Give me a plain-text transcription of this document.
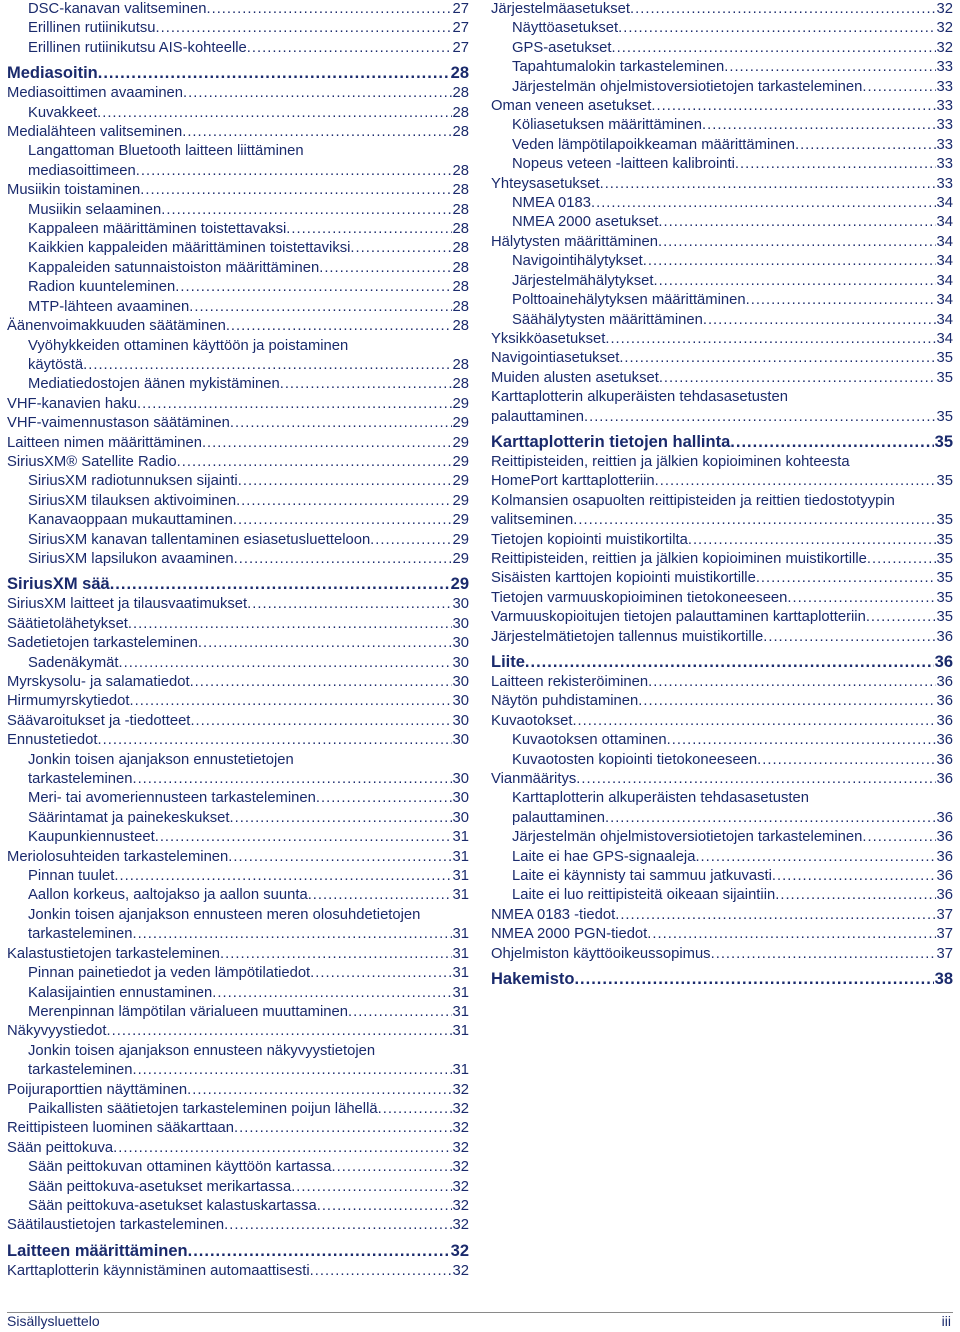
DSC-kanavan valitseminen .....	27
Erillinen rutiinikutsu .....	27
Erillinen rutiinikutsu AIS-kohteelle .....	27
Mediasoitin .....	28
Mediasoittimen avaaminen .....	28
Kuvakkeet .....	28
Medialähteen valitseminen .....	28
Langattoman Bluetooth laitteen liittäminen
mediasoittimeen .....	28
Musiikin toistaminen .....	28
Musiikin selaaminen .....	28
Kappaleen määrittäminen toistettavaksi .....	28
Kaikkien kappaleiden määrittäminen toistettaviksi .....	28
Kappaleiden satunnaistoiston määrittäminen .....	28
Radion kuunteleminen .....	28
MTP-lähteen avaaminen .....	28
Äänenvoimakkuuden säätäminen .....	28
Vyöhykkeiden ottaminen käyttöön ja poistaminen
käytöstä .....	28
Mediatiedostojen äänen mykistäminen .....	28
VHF-kanavien haku .....	29
VHF-vaimennustason säätäminen .....	29
Laitteen nimen määrittäminen .....	29
SiriusXM® Satellite Radio .....	29
SiriusXM radiotunnuksen sijainti .....	29
SiriusXM tilauksen aktivoiminen .....	29
Kanavaoppaan mukauttaminen .....	29
SiriusXM kanavan tallentaminen esiasetusluetteloon .....	29
SiriusXM lapsilukon avaaminen .....	29
SiriusXM sää .....	29
SiriusXM laitteet ja tilausvaatimukset .....	30
Säätietolähetykset .....	30
Sadetietojen tarkasteleminen .....	30
Sadenäkymät .....	30
Myrskysolu- ja salamatiedot .....	30
Hirmumyrskytiedot .....	30
Säävaroitukset ja -tiedotteet .....	30
Ennustetiedot .....	30
Jonkin toisen ajanjakson ennustetietojen
tarkasteleminen .....	30
Meri- tai avomeriennusteen tarkasteleminen .....	30
Säärintamat ja painekeskukset .....	30
Kaupunkiennusteet .....	31
Meriolosuhteiden tarkasteleminen .....	31
Pinnan tuulet .....	31
Aallon korkeus, aaltojakso ja aallon suunta .....	31
Jonkin toisen ajanjakson ennusteen meren olosuhdetietojen
tarkasteleminen .....	31
Kalastustietojen tarkasteleminen .....	31
Pinnan painetiedot ja veden lämpötilatiedot .....	31
Kalasijaintien ennustaminen .....	31
Merenpinnan lämpötilan värialueen muuttaminen .....	31
Näkyvyystiedot .....	31
Jonkin toisen ajanjakson ennusteen näkyvyystietojen
tarkasteleminen .....	31
Poijuraporttien näyttäminen .....	32
Paikallisten säätietojen tarkasteleminen poijun lähellä .....	32
Reittipisteen luominen sääkarttaan .....	32
Sään peittokuva .....	32
Sään peittokuvan ottaminen käyttöön kartassa .....	32
Sään peittokuva-asetukset merikartassa .....	32
Sään peittokuva-asetukset kalastuskartassa .....	32
Säätilaustietojen tarkasteleminen .....	32
Laitteen määrittäminen .....	32
Karttaplotterin käynnistäminen automaattisesti .....	32
Järjestelmäasetukset .....	32
Näyttöasetukset .....	32
GPS-asetukset .....	32
Tapahtumalokin tarkasteleminen .....	33
Järjestelmän ohjelmistoversiotietojen tarkasteleminen .....	33
Oman veneen asetukset .....	33
Köliasetuksen määrittäminen .....	33
Veden lämpötilapoikkeaman määrittäminen .....	33
Nopeus veteen -laitteen kalibrointi .....	33
Yhteysasetukset .....	33
NMEA 0183 .....	34
NMEA 2000 asetukset .....	34
Hälytysten määrittäminen .....	34
Navigointihälytykset .....	34
Järjestelmähälytykset .....	34
Polttoainehälytyksen määrittäminen .....	34
Säähälytysten määrittäminen .....	34
Yksikköasetukset .....	34
Navigointiasetukset .....	35
Muiden alusten asetukset .....	35
Karttaplotterin alkuperäisten tehdasasetusten
palauttaminen .....	35
Karttaplotterin tietojen hallinta .....	35
Reittipisteiden, reittien ja jälkien kopioiminen kohteesta
HomePort karttaplotteriin .....	35
Kolmansien osapuolten reittipisteiden ja reittien tiedostotyypin
valitseminen .....	35
Tietojen kopiointi muistikortilta .....	35
Reittipisteiden, reittien ja jälkien kopioiminen muistikortille .....	35
Sisäisten karttojen kopiointi muistikortille .....	35
Tietojen varmuuskopioiminen tietokoneeseen .....	35
Varmuuskopioitujen tietojen palauttaminen karttaplotteriin .....	35
Järjestelmätietojen tallennus muistikortille .....	36
Liite .....	36
Laitteen rekisteröiminen .....	36
Näytön puhdistaminen .....	36
Kuvaotokset .....	36
Kuvaotoksen ottaminen .....	36
Kuvaotosten kopiointi tietokoneeseen .....	36
Vianmääritys .....	36
Karttaplotterin alkuperäisten tehdasasetusten
palauttaminen .....	36
Järjestelmän ohjelmistoversiotietojen tarkasteleminen .....	36
Laite ei hae GPS-signaaleja .....	36
Laite ei käynnisty tai sammuu jatkuvasti .....	36
Laite ei luo reittipisteitä oikeaan sijaintiin .....	36
NMEA 0183 -tiedot .....	37
NMEA 2000 PGN-tiedot .....	37
Ohjelmiston käyttöoikeussopimus .....	37
Hakemisto .....	38
Sisällysluettelo	iii
